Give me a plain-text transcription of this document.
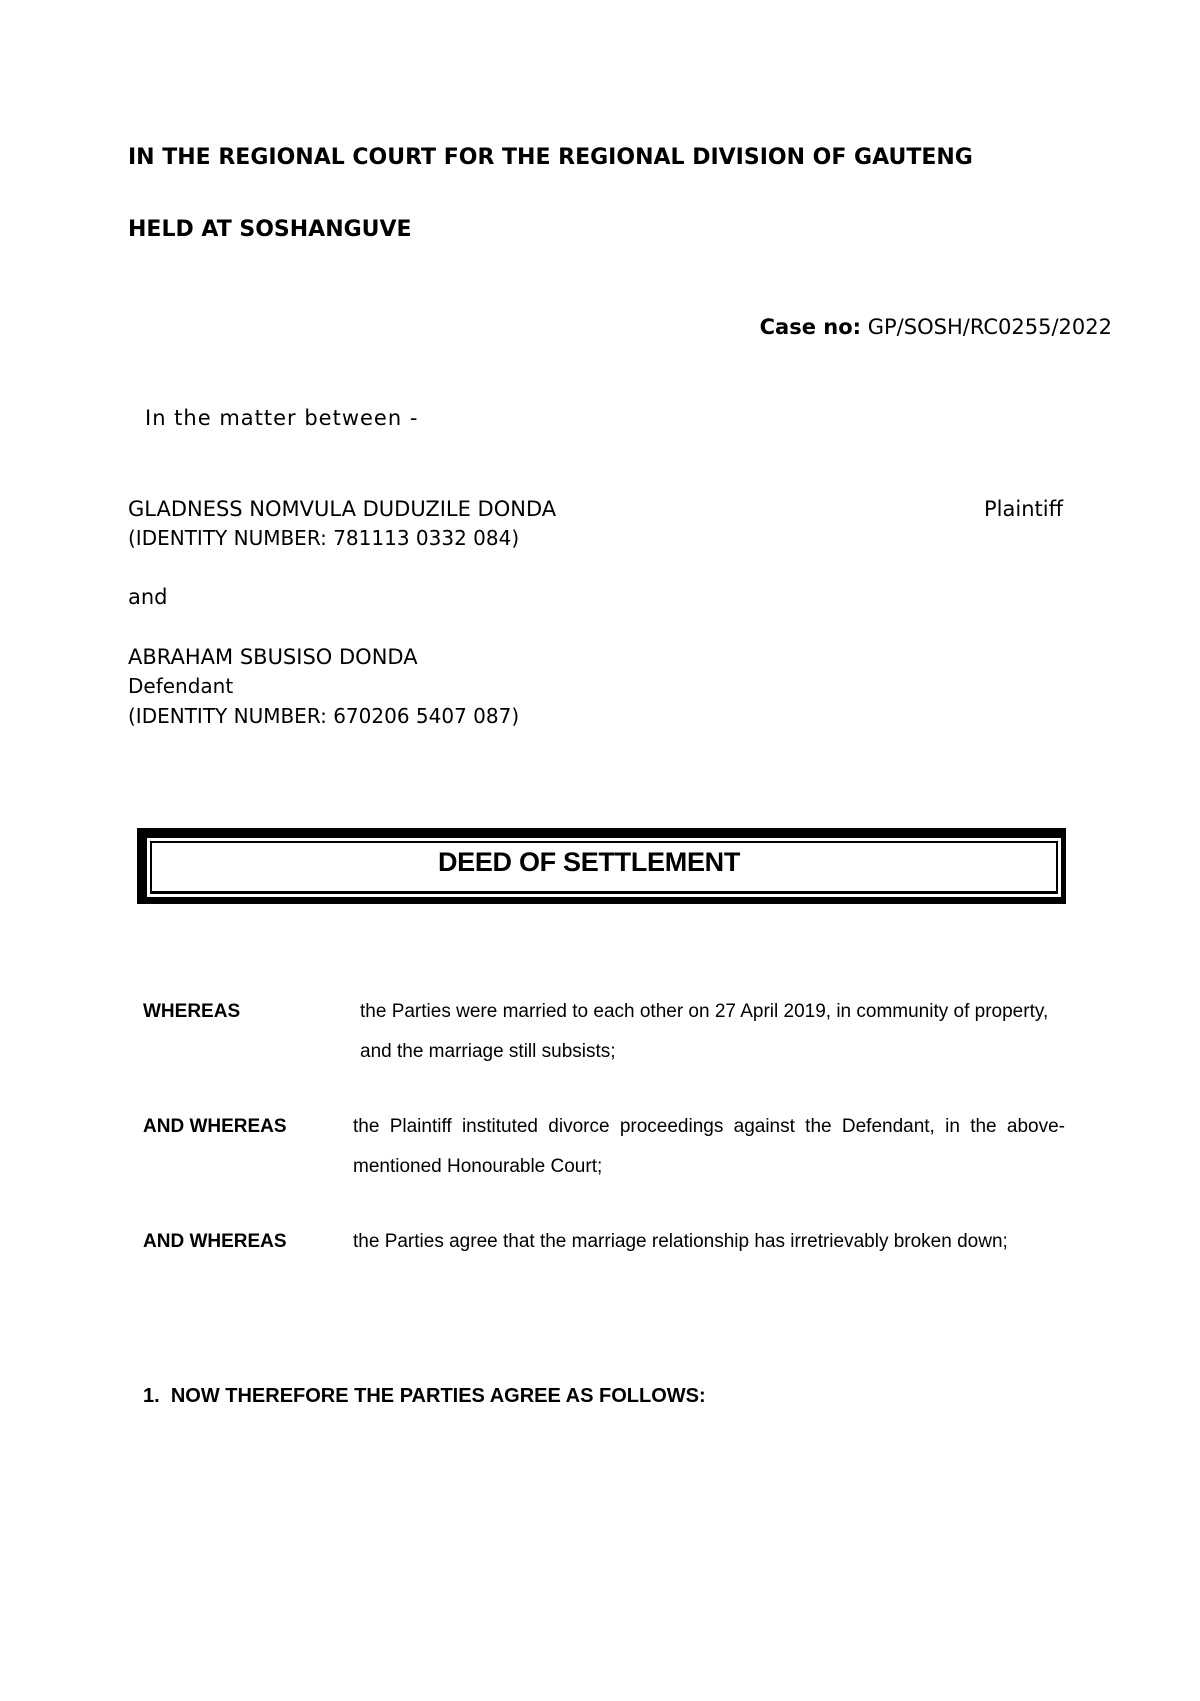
IN THE REGIONAL COURT FOR THE REGIONAL DIVISION OF GAUTENG
HELD AT SOSHANGUVE
Case no: GP/SOSH/RC0255/2022
In the matter between -
GLADNESS NOMVULA DUDUZILE DONDA	Plaintiff
(IDENTITY NUMBER: 781113 0332 084)
and
ABRAHAM SBUSISO DONDA
Defendant
(IDENTITY NUMBER: 670206 5407 087)
DEED OF SETTLEMENT
WHEREAS	the Parties were married to each other on 27 April 2019, in community of property, and the marriage still subsists;
AND WHEREAS	the Plaintiff instituted divorce proceedings against the Defendant, in the above-mentioned Honourable Court;
AND WHEREAS	the Parties agree that the marriage relationship has irretrievably broken down;
1. NOW THEREFORE THE PARTIES AGREE AS FOLLOWS:
